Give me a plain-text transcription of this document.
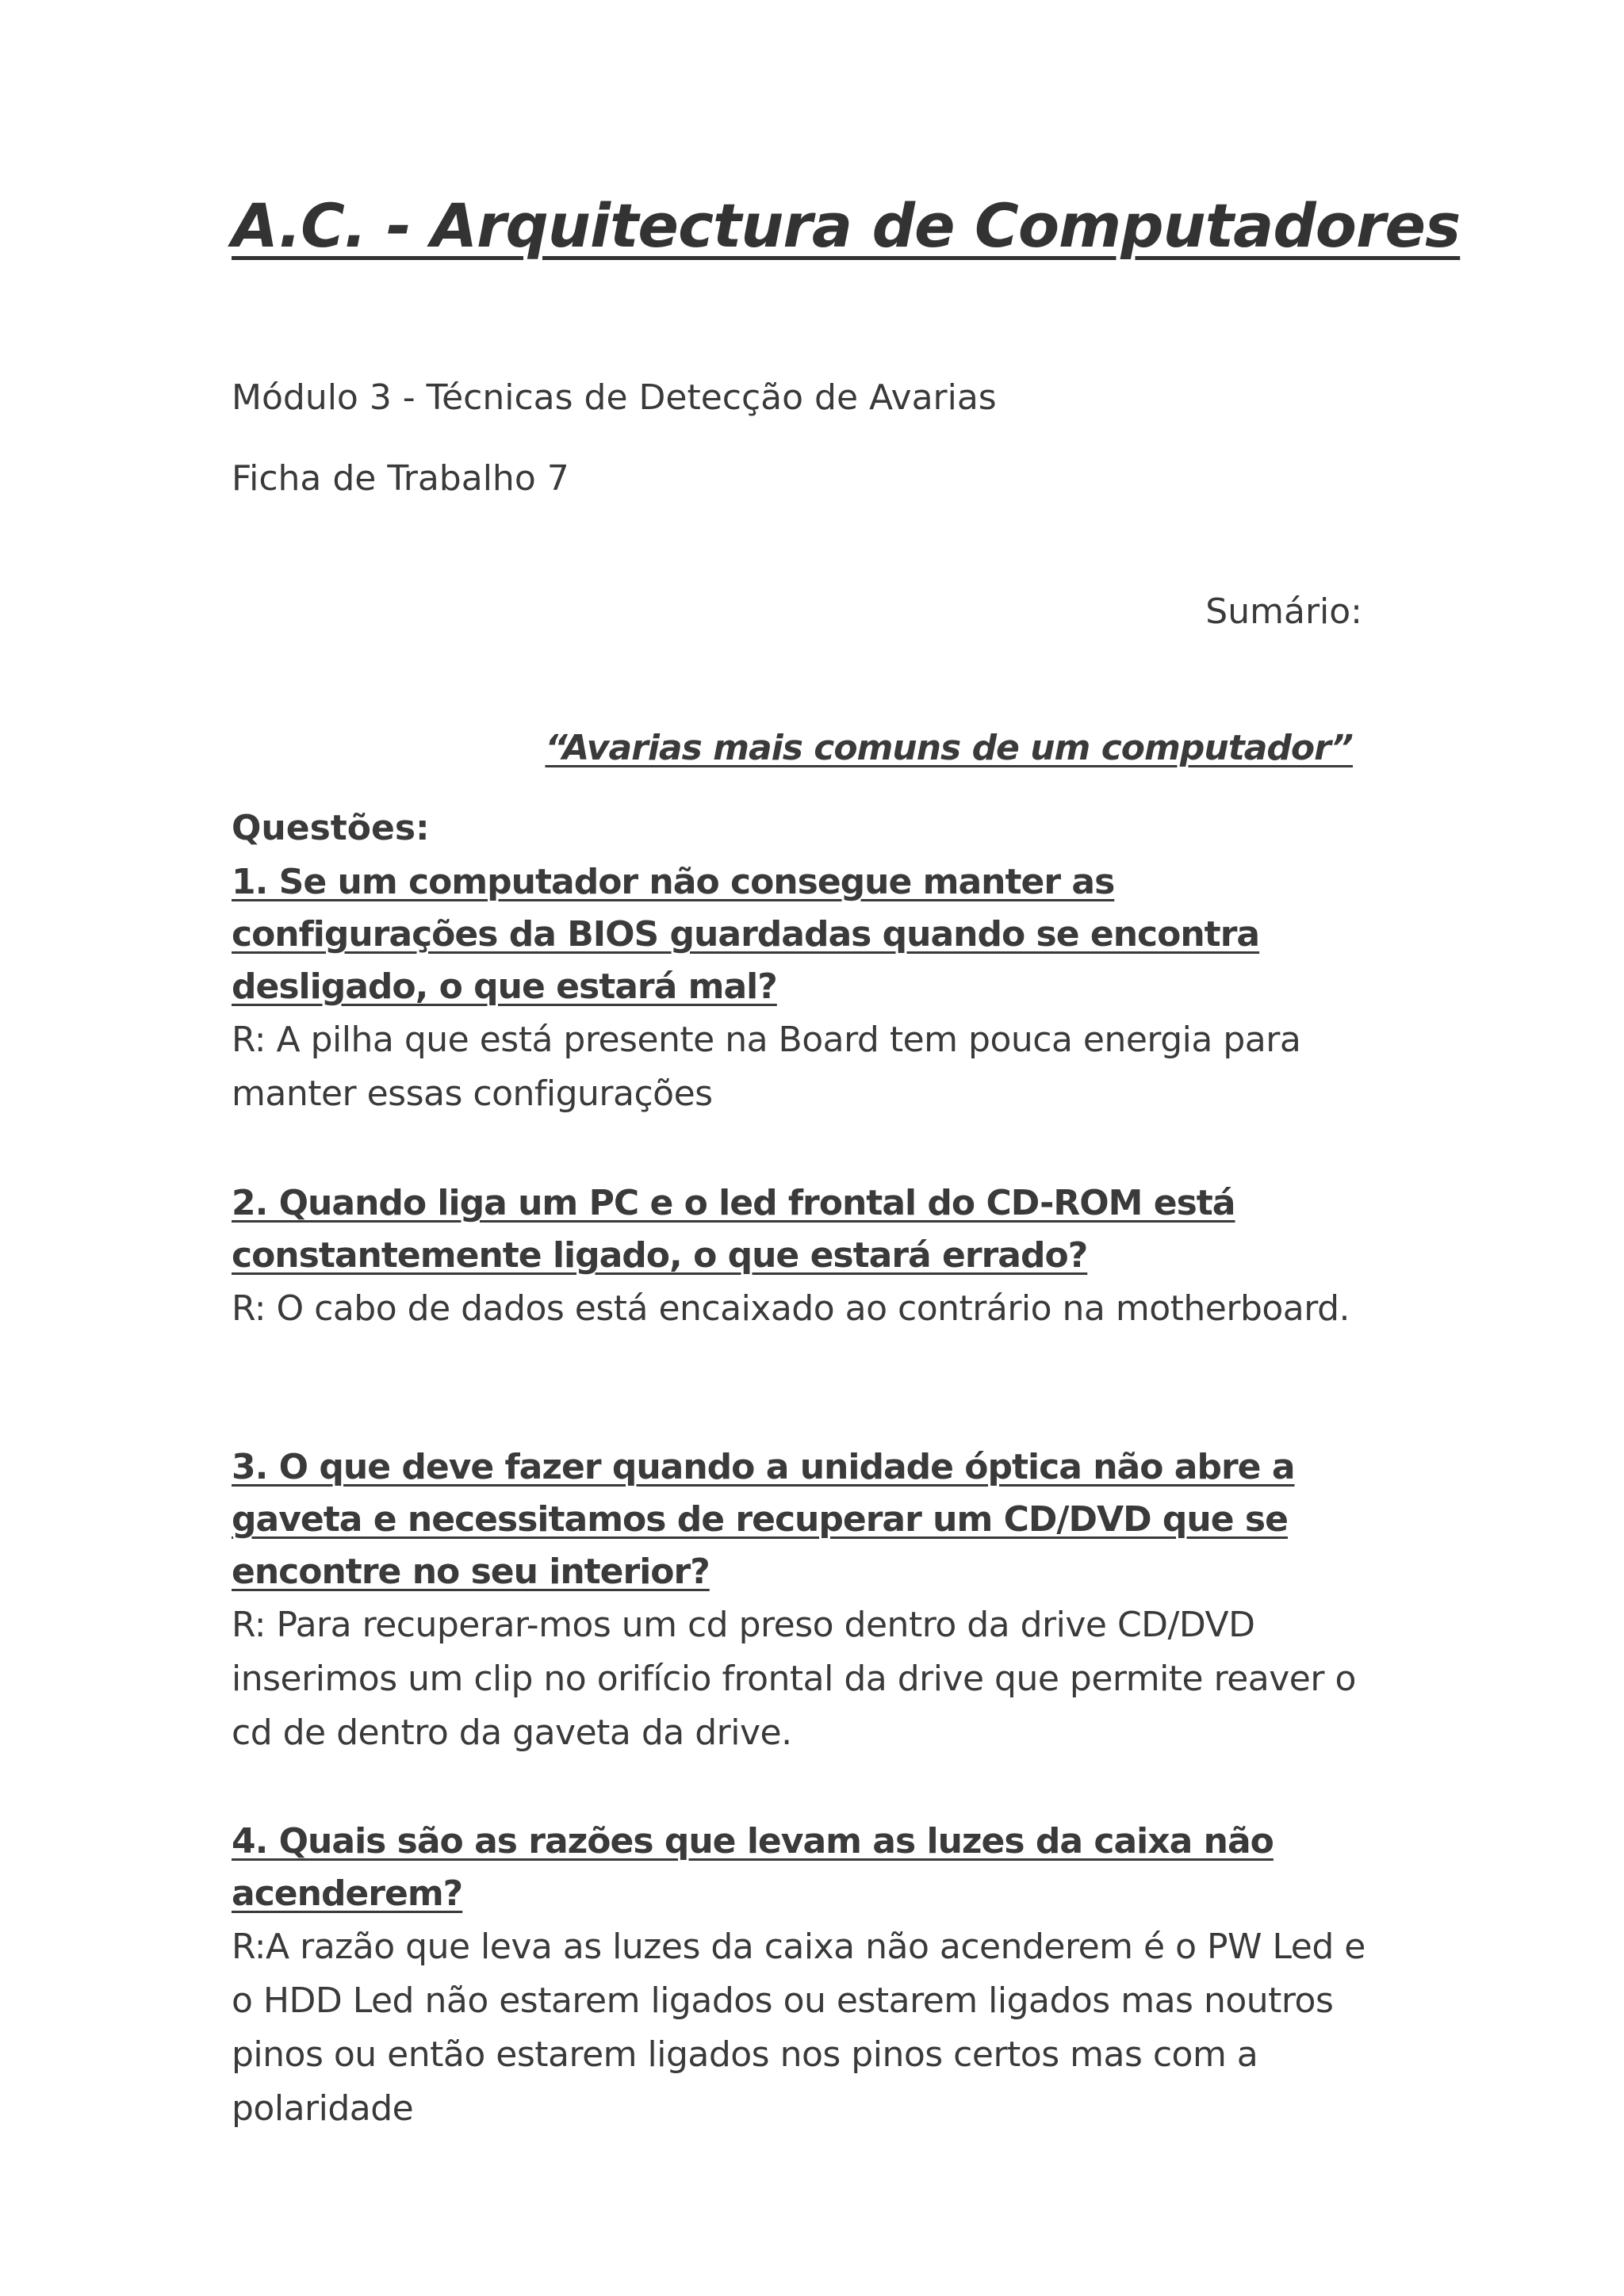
A.C. - Arquitectura de Computadores
Módulo 3 - Técnicas de Detecção de Avarias
Ficha de Trabalho 7
Sumário:
“Avarias mais comuns de um computador”
Questões:

1. Se um computador não consegue manter as configurações da BIOS guardadas quando se encontra desligado, o que estará mal?

R: A pilha que está presente na Board tem pouca energia para manter essas configurações

2. Quando liga um PC e o led frontal do CD-ROM está constantemente ligado, o que estará errado?

R: O cabo de dados está encaixado ao contrário na motherboard.

3. O que deve fazer quando a unidade óptica não abre a gaveta e necessitamos de recuperar um CD/DVD que se encontre no seu interior?

R: Para recuperar-mos um cd preso dentro da drive CD/DVD inserimos um clip no orifício frontal da drive que permite reaver o cd de dentro da gaveta da drive.

4. Quais são as razões que levam as luzes da caixa não acenderem?

R:A razão que leva as luzes da caixa não acenderem é o PW Led e o HDD Led não estarem ligados ou estarem ligados mas noutros pinos ou então estarem ligados nos pinos certos mas com a polaridade
